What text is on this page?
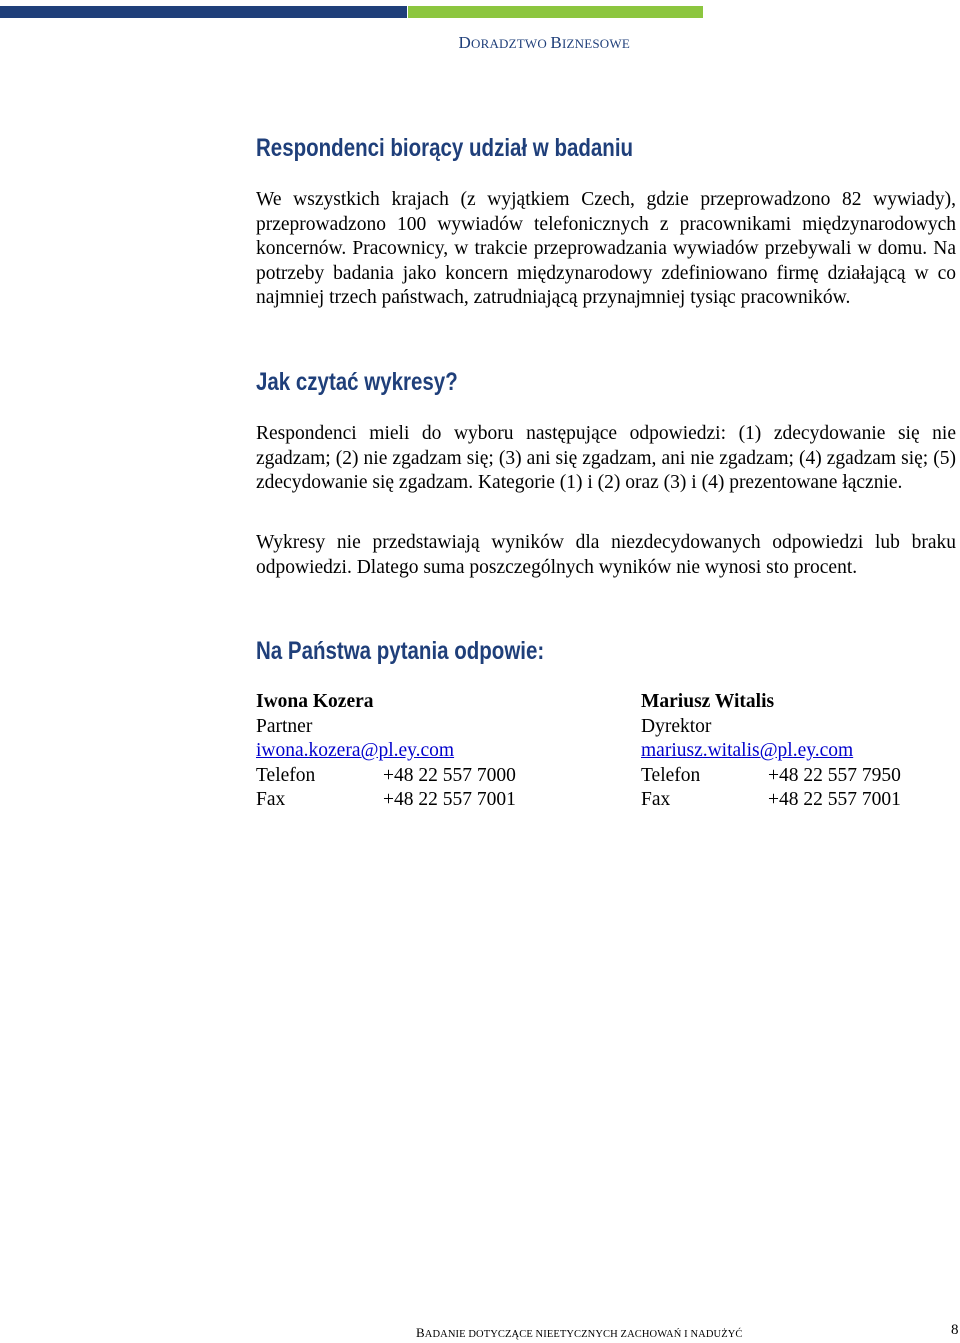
DORADZTWO BIZNESOWE
Respondenci biorący udział w badaniu

We wszystkich krajach (z wyjątkiem Czech, gdzie przeprowadzono 82 wywiady), przeprowadzono 100 wywiadów telefonicznych z pracownikami międzynarodowych koncernów. Pracownicy, w trakcie przeprowadzania wywiadów przebywali w domu. Na potrzeby badania jako koncern międzynarodowy zdefiniowano firmę działającą w co najmniej trzech państwach, zatrudniającą przynajmniej tysiąc pracowników.

Jak czytać wykresy?

Respondenci mieli do wyboru następujące odpowiedzi: (1) zdecydowanie się nie zgadzam; (2) nie zgadzam się; (3) ani się zgadzam, ani nie zgadzam; (4) zgadzam się; (5) zdecydowanie się zgadzam. Kategorie (1) i (2) oraz (3) i (4) prezentowane łącznie.

Wykresy nie przedstawiają wyników dla niezdecydowanych odpowiedzi lub braku odpowiedzi. Dlatego suma poszczególnych wyników nie wynosi sto procent.

Na Państwa pytania odpowie:
Iwona Kozera
Partner
iwona.kozera@pl.ey.com
Telefon	+48 22 557 7000
Fax	+48 22 557 7001
Mariusz Witalis
Dyrektor
mariusz.witalis@pl.ey.com
Telefon	+48 22 557 7950
Fax	+48 22 557 7001
BADANIE DOTYCZĄCE NIEETYCZNYCH ZACHOWAŃ I NADUŻYĆ	8
